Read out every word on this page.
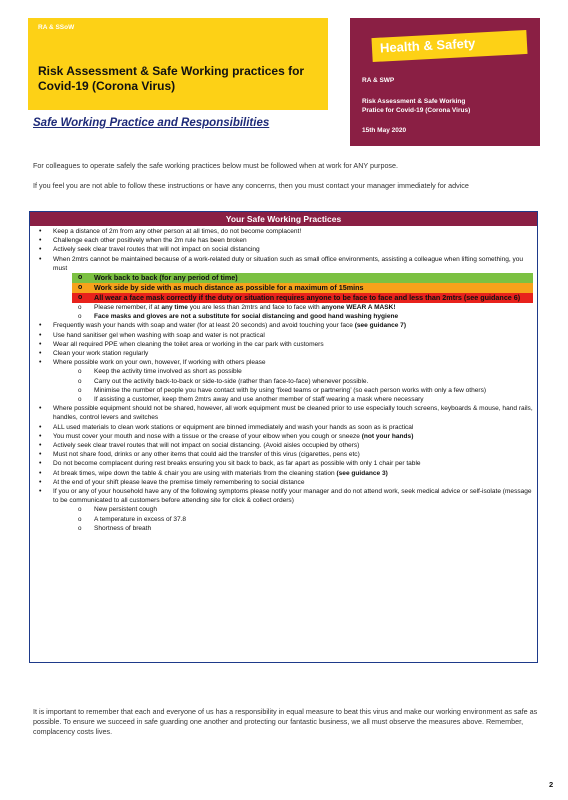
RA & SSoW
Risk Assessment & Safe Working practices for Covid-19 (Corona Virus)
Health & Safety
RA & SWP
Risk Assessment & Safe Working
Pratice for Covid-19 (Corona Virus)
15th May 2020
Safe Working Practice and Responsibilities
For colleagues to operate safely the safe working practices below must be followed when at work for ANY purpose.
If you feel you are not able to follow these instructions or have any concerns, then you must contact your manager immediately for advice
Your Safe Working Practices
• Keep a distance of 2m from any other person at all times, do not become complacent!
• Challenge each other positively when the 2m rule has been broken
• Actively seek clear travel routes that will not impact on social distancing
• When 2mtrs cannot be maintained because of a work-related duty or situation such as small office environments, assisting a colleague when lifting something, you must
o Work back to back (for any period of time)
o Work side by side with as much distance as possible for a maximum of 15mins
o All wear a face mask correctly if the duty or situation requires anyone to be face to face and less than 2mtrs (see guidance 6)
o Please remember, if at any time you are less than 2mtrs and face to face with anyone WEAR A MASK!
o Face masks and gloves are not a substitute for social distancing and good hand washing hygiene
• Frequently wash your hands with soap and water (for at least 20 seconds) and avoid touching your face (see guidance 7)
• Use hand sanitiser gel when washing with soap and water is not practical
• Wear all required PPE when cleaning the toilet area or working in the car park with customers
• Clean your work station regularly
• Where possible work on your own, however, If working with others please
o Keep the activity time involved as short as possible
o Carry out the activity back-to-back or side-to-side (rather than face-to-face) whenever possible.
o Minimise the number of people you have contact with by using ‘fixed teams or partnering’ (so each person works with only a few others)
o If assisting a customer, keep them 2mtrs away and use another member of staff wearing a mask where necessary
• Where possible equipment should not be shared, however, all work equipment must be cleaned prior to use especially touch screens, keyboards & mouse, hand rails, handles, control levers and switches
• ALL used materials to clean work stations or equipment are binned immediately and wash your hands as soon as is practical
• You must cover your mouth and nose with a tissue or the crease of your elbow when you cough or sneeze (not your hands)
• Actively seek clear travel routes that will not impact on social distancing. (Avoid aisles occupied by others)
• Must not share food, drinks or any other items that could aid the transfer of this virus (cigarettes, pens etc)
• Do not become complacent during rest breaks ensuring you sit back to back, as far apart as possible with only 1 chair per table
• At break times, wipe down the table & chair you are using with materials from the cleaning station (see guidance 3)
• At the end of your shift please leave the premise timely remembering to social distance
• If you or any of your household have any of the following symptoms please notify your manager and do not attend work, seek medical advice or self-isolate (message to be communicated to all customers before attending site for click & collect orders)
o New persistent cough
o A temperature in excess of 37.8
o Shortness of breath
It is important to remember that each and everyone of us has a responsibility in equal measure to beat this virus and make our working environment as safe as possible. To ensure we succeed in safe guarding one another and protecting our fantastic business, we all must observe the measures above. Remember, complacency costs lives.
2
